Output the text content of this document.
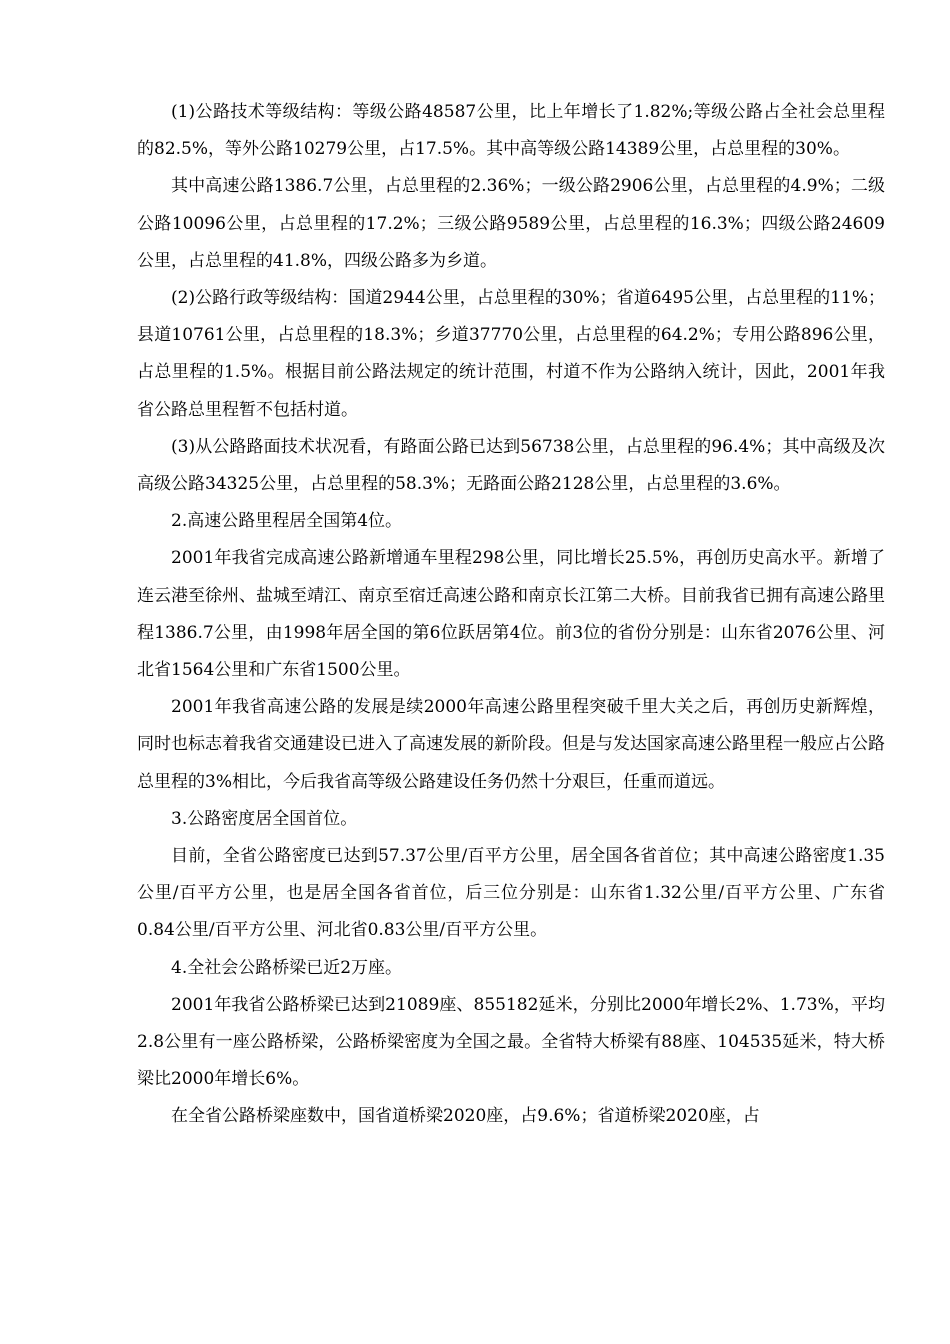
(1)公路技术等级结构：等级公路48587公里，比上年增长了1.82%;等级公路占全社会总里程的82.5%，等外公路10279公里，占17.5%。其中高等级公路14389公里，占总里程的30%。

其中高速公路1386.7公里，占总里程的2.36%；一级公路2906公里，占总里程的4.9%；二级公路10096公里，占总里程的17.2%；三级公路9589公里，占总里程的16.3%；四级公路24609公里，占总里程的41.8%，四级公路多为乡道。

(2)公路行政等级结构：国道2944公里，占总里程的30%；省道6495公里，占总里程的11%；县道10761公里，占总里程的18.3%；乡道37770公里，占总里程的64.2%；专用公路896公里，占总里程的1.5%。根据目前公路法规定的统计范围，村道不作为公路纳入统计，因此，2001年我省公路总里程暂不包括村道。

(3)从公路路面技术状况看，有路面公路已达到56738公里，占总里程的96.4%；其中高级及次高级公路34325公里，占总里程的58.3%；无路面公路2128公里，占总里程的3.6%。

2.高速公路里程居全国第4位。

2001年我省完成高速公路新增通车里程298公里，同比增长25.5%，再创历史高水平。新增了连云港至徐州、盐城至靖江、南京至宿迁高速公路和南京长江第二大桥。目前我省已拥有高速公路里程1386.7公里，由1998年居全国的第6位跃居第4位。前3位的省份分别是：山东省2076公里、河北省1564公里和广东省1500公里。

2001年我省高速公路的发展是续2000年高速公路里程突破千里大关之后，再创历史新辉煌，同时也标志着我省交通建设已进入了高速发展的新阶段。但是与发达国家高速公路里程一般应占公路总里程的3%相比，今后我省高等级公路建设任务仍然十分艰巨，任重而道远。

3.公路密度居全国首位。

目前，全省公路密度已达到57.37公里/百平方公里，居全国各省首位；其中高速公路密度1.35公里/百平方公里，也是居全国各省首位，后三位分别是：山东省1.32公里/百平方公里、广东省0.84公里/百平方公里、河北省0.83公里/百平方公里。

4.全社会公路桥梁已近2万座。

2001年我省公路桥梁已达到21089座、855182延米，分别比2000年增长2%、1.73%，平均2.8公里有一座公路桥梁，公路桥梁密度为全国之最。全省特大桥梁有88座、104535延米，特大桥梁比2000年增长6%。

在全省公路桥梁座数中，国省道桥梁2020座，占9.6%；省道桥梁2020座，占
